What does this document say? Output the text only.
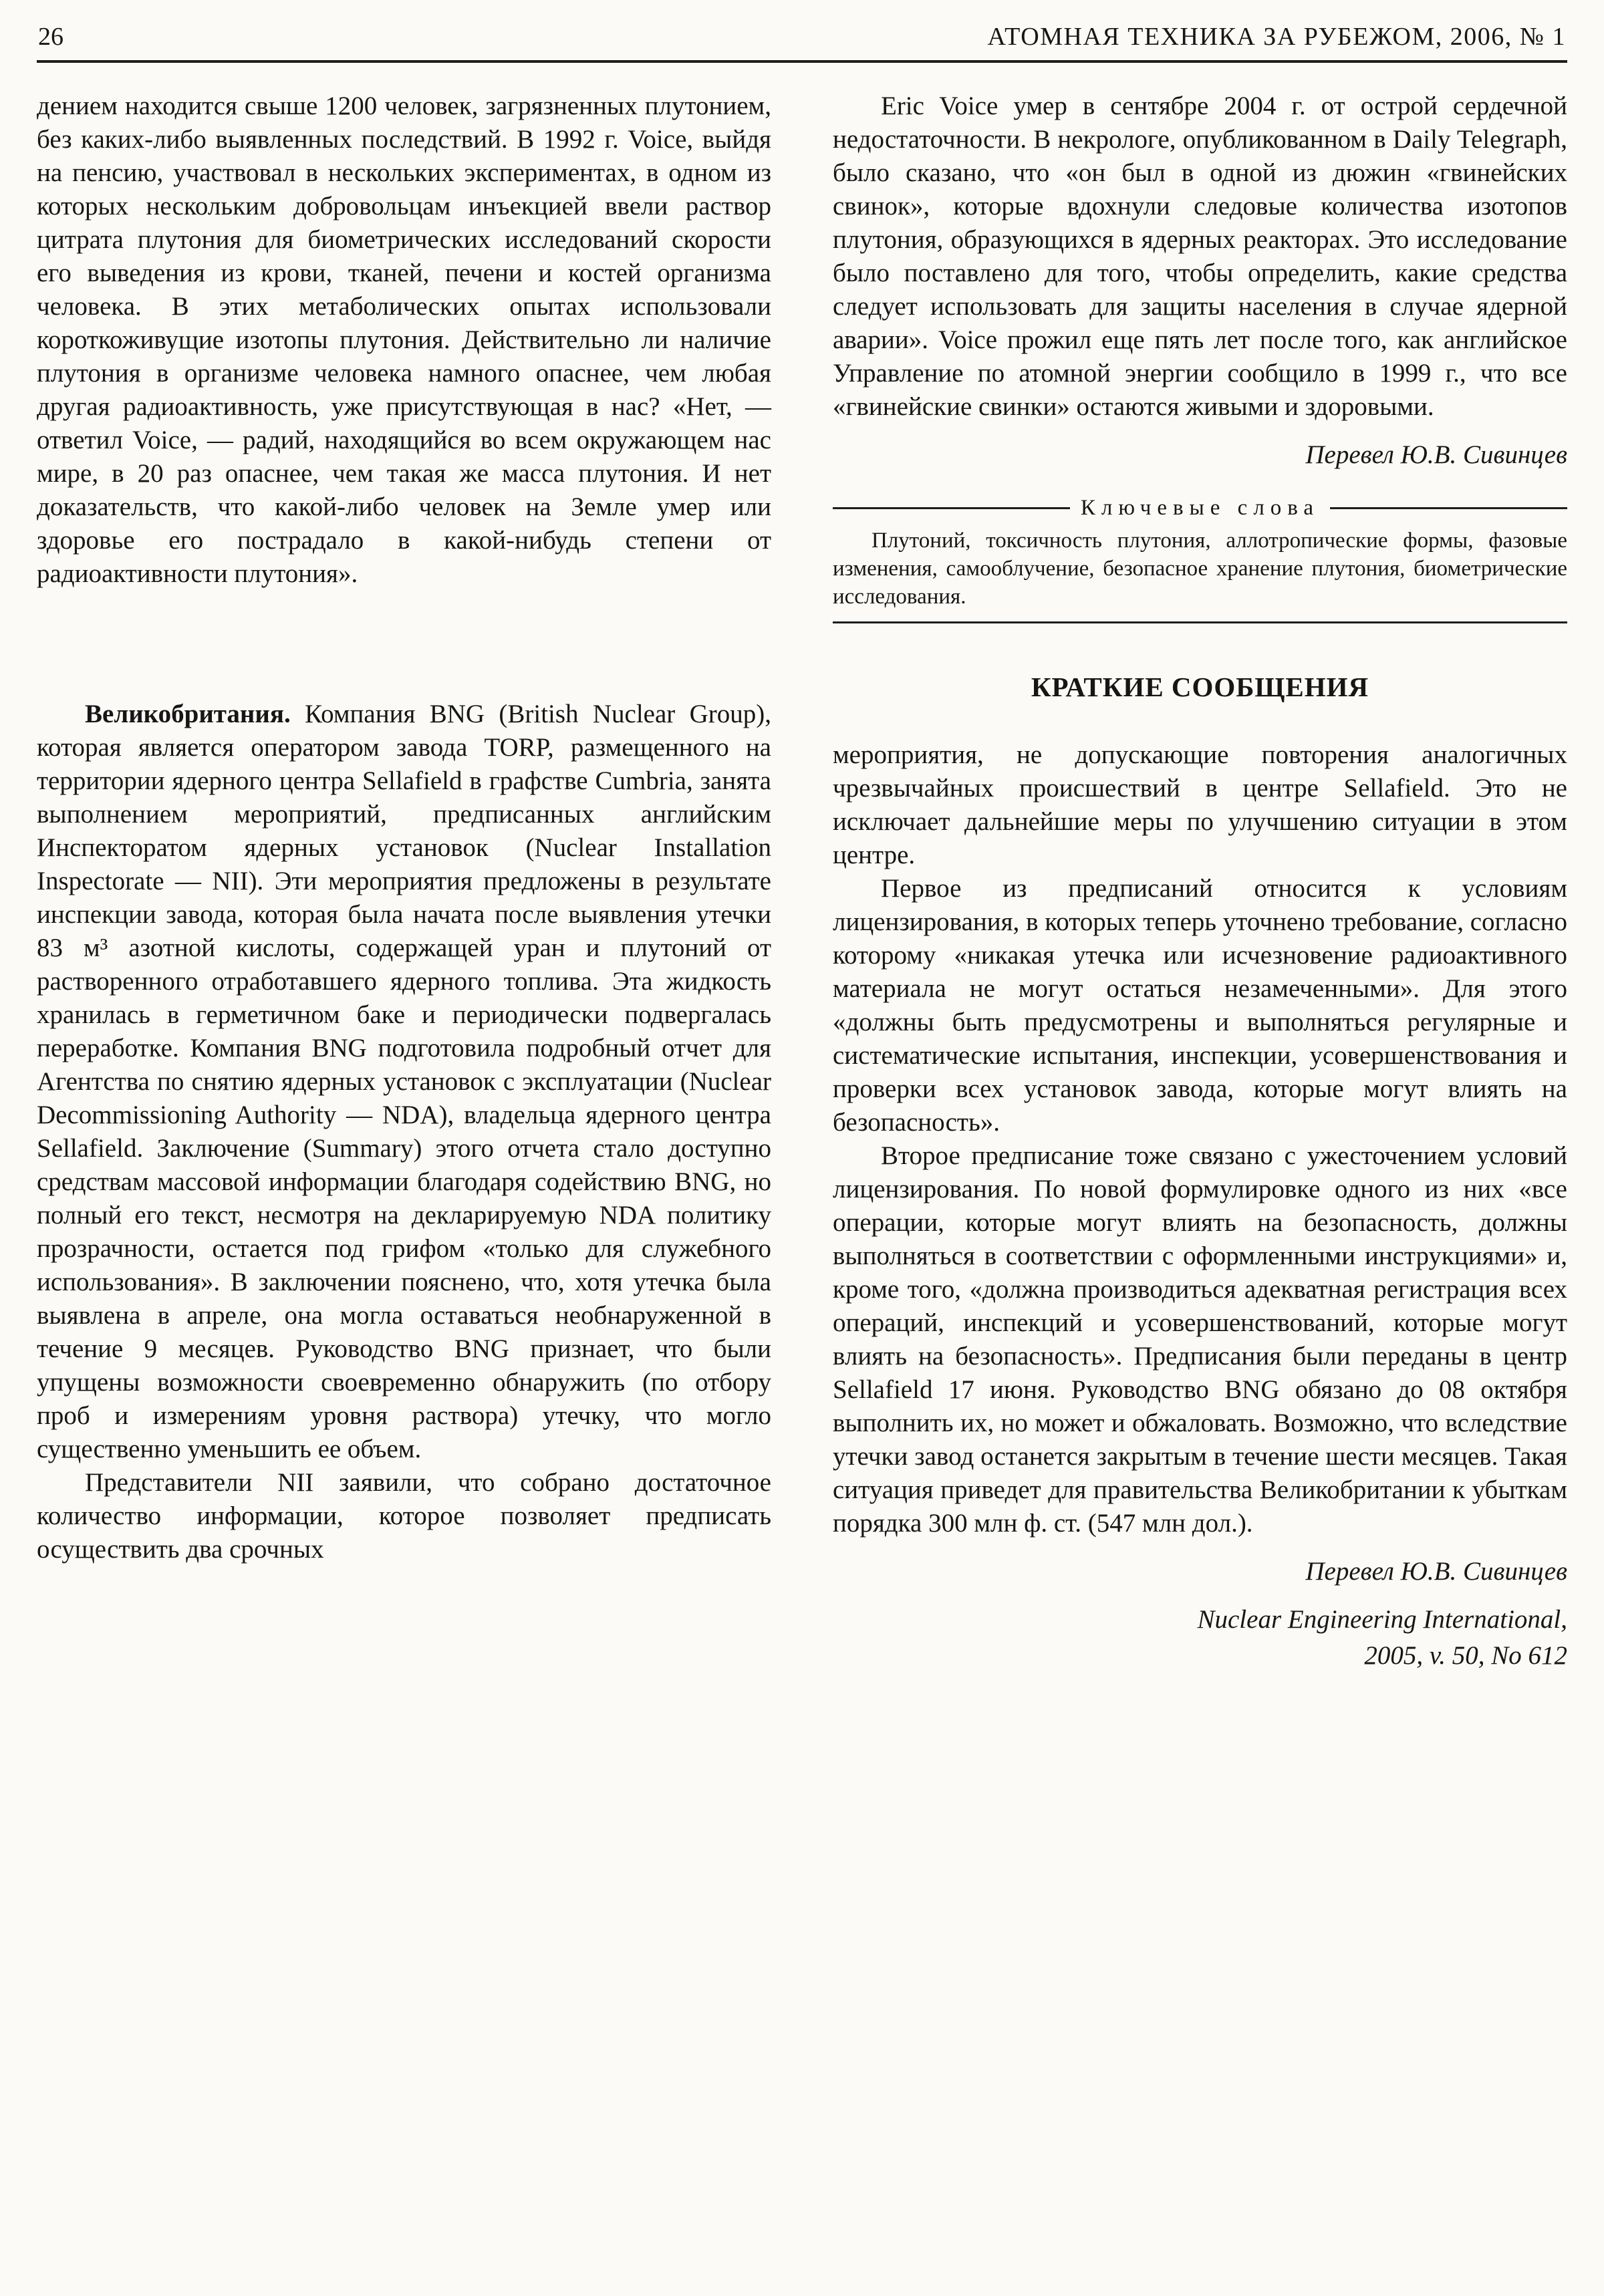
26	АТОМНАЯ ТЕХНИКА ЗА РУБЕЖОМ, 2006, № 1

дением находится свыше 1200 человек, загрязненных плутонием, без каких-либо выявленных последствий. В 1992 г. Voice, выйдя на пенсию, участвовал в нескольких экспериментах, в одном из которых нескольким добровольцам инъекцией ввели раствор цитрата плутония для биометрических исследований скорости его выведения из крови, тканей, печени и костей организма человека. В этих метаболических опытах использовали короткоживущие изотопы плутония. Действительно ли наличие плутония в организме человека намного опаснее, чем любая другая радиоактивность, уже присутствующая в нас? «Нет, — ответил Voice, — радий, находящийся во всем окружающем нас мире, в 20 раз опаснее, чем такая же масса плутония. И нет доказательств, что какой-либо человек на Земле умер или здоровье его пострадало в какой-нибудь степени от радиоактивности плутония».

Великобритания. Компания BNG (British Nuclear Group), которая является оператором завода TORP, размещенного на территории ядерного центра Sellafield в графстве Cumbria, занята выполнением мероприятий, предписанных английским Инспекторатом ядерных установок (Nuclear Installation Inspectorate — NII). Эти мероприятия предложены в результате инспекции завода, которая была начата после выявления утечки 83 м³ азотной кислоты, содержащей уран и плутоний от растворенного отработавшего ядерного топлива. Эта жидкость хранилась в герметичном баке и периодически подвергалась переработке. Компания BNG подготовила подробный отчет для Агентства по снятию ядерных установок с эксплуатации (Nuclear Decommissioning Authority — NDA), владельца ядерного центра Sellafield. Заключение (Summary) этого отчета стало доступно средствам массовой информации благодаря содействию BNG, но полный его текст, несмотря на декларируемую NDA политику прозрачности, остается под грифом «только для служебного использования». В заключении пояснено, что, хотя утечка была выявлена в апреле, она могла оставаться необнаруженной в течение 9 месяцев. Руководство BNG признает, что были упущены возможности своевременно обнаружить (по отбору проб и измерениям уровня раствора) утечку, что могло существенно уменьшить ее объем.

Представители NII заявили, что собрано достаточное количество информации, которое позволяет предписать осуществить два срочных

Eric Voice умер в сентябре 2004 г. от острой сердечной недостаточности. В некрологе, опубликованном в Daily Telegraph, было сказано, что «он был в одной из дюжин «гвинейских свинок», которые вдохнули следовые количества изотопов плутония, образующихся в ядерных реакторах. Это исследование было поставлено для того, чтобы определить, какие средства следует использовать для защиты населения в случае ядерной аварии». Voice прожил еще пять лет после того, как английское Управление по атомной энергии сообщило в 1999 г., что все «гвинейские свинки» остаются живыми и здоровыми.

Перевел Ю.В. Сивинцев

Ключевые слова

Плутоний, токсичность плутония, аллотропические формы, фазовые изменения, самооблучение, безопасное хранение плутония, биометрические исследования.

КРАТКИЕ СООБЩЕНИЯ

мероприятия, не допускающие повторения аналогичных чрезвычайных происшествий в центре Sellafield. Это не исключает дальнейшие меры по улучшению ситуации в этом центре.

Первое из предписаний относится к условиям лицензирования, в которых теперь уточнено требование, согласно которому «никакая утечка или исчезновение радиоактивного материала не могут остаться незамеченными». Для этого «должны быть предусмотрены и выполняться регулярные и систематические испытания, инспекции, усовершенствования и проверки всех установок завода, которые могут влиять на безопасность».

Второе предписание тоже связано с ужесточением условий лицензирования. По новой формулировке одного из них «все операции, которые могут влиять на безопасность, должны выполняться в соответствии с оформленными инструкциями» и, кроме того, «должна производиться адекватная регистрация всех операций, инспекций и усовершенствований, которые могут влиять на безопасность». Предписания были переданы в центр Sellafield 17 июня. Руководство BNG обязано до 08 октября выполнить их, но может и обжаловать. Возможно, что вследствие утечки завод останется закрытым в течение шести месяцев. Такая ситуация приведет для правительства Великобритании к убыткам порядка 300 млн ф. ст. (547 млн дол.).

Перевел Ю.В. Сивинцев

Nuclear Engineering International,
2005, v. 50, No 612
